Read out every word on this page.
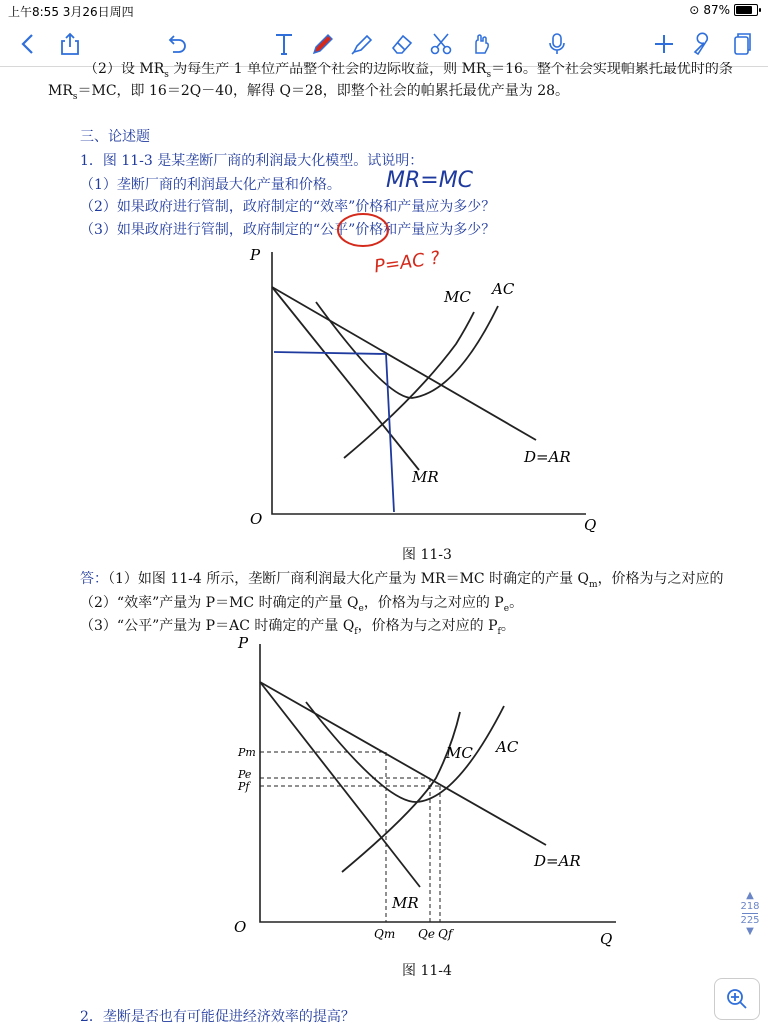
上午8:55 3月26日周四	⊙ 87%
（2）设 $MR_s$ 为每生产 1 单位产品整个社会的边际收益，则 $MR_s=16$。整个社会实现帕累托最优时的条
$MR_s=MC$，即 16＝2Q－40，解得 Q＝28，即整个社会的帕累托最优产量为 28。
三、论述题
1．图 11-3 是某垄断厂商的利润最大化模型。试说明：
（1）垄断厂商的利润最大化产量和价格。
（2）如果政府进行管制，政府制定的“效率”价格和产量应为多少？
（3）如果政府进行管制，政府制定的“公平”价格和产量应为多少？
MR=MC
P=AC ?
P
Q
O
MC AC
MR
D=AR
图 11-3
答：（1）如图 11-4 所示，垄断厂商利润最大化产量为 MR＝MC 时确定的产量 $Q_m$，价格为与之对应的
（2）“效率”产量为 P＝MC 时确定的产量 $Q_e$，价格为与之对应的 $P_e$。
（3）“公平”产量为 P＝AC 时确定的产量 $Q_f$，价格为与之对应的 $P_f$。
P
Q
O
MC AC
MR
D=AR
Pm
Pe
Pf
Qm Qe Qf
图 11-4
2．垄断是否也有可能促进经济效率的提高？
▲
218
225
▼
